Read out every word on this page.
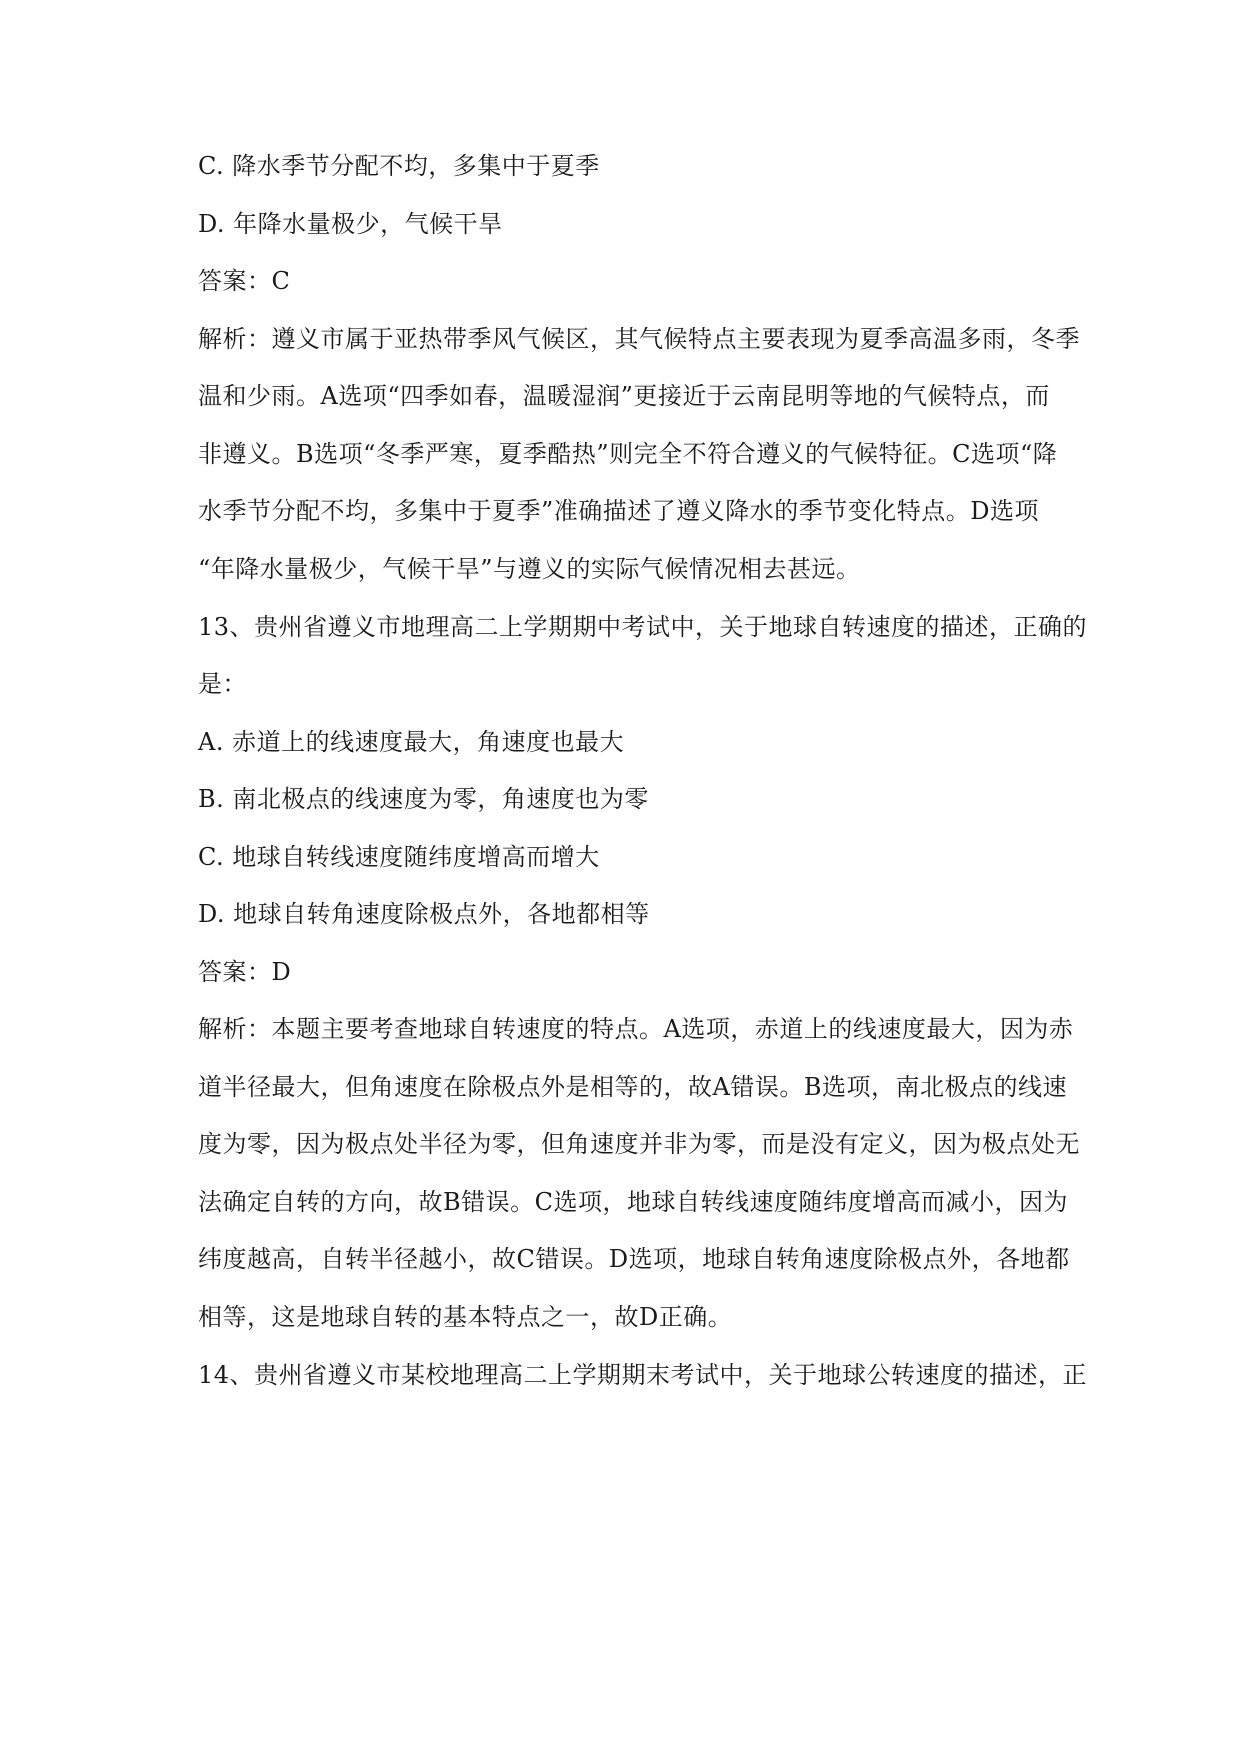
C. 降水季节分配不均，多集中于夏季
D. 年降水量极少，气候干旱
答案：C
解析：遵义市属于亚热带季风气候区，其气候特点主要表现为夏季高温多雨，冬季
温和少雨。A选项“四季如春，温暖湿润”更接近于云南昆明等地的气候特点，而
非遵义。B选项“冬季严寒，夏季酷热”则完全不符合遵义的气候特征。C选项“降
水季节分配不均，多集中于夏季”准确描述了遵义降水的季节变化特点。D选项
“年降水量极少，气候干旱”与遵义的实际气候情况相去甚远。
13、贵州省遵义市地理高二上学期期中考试中，关于地球自转速度的描述，正确的
是：
A. 赤道上的线速度最大，角速度也最大
B. 南北极点的线速度为零，角速度也为零
C. 地球自转线速度随纬度增高而增大
D. 地球自转角速度除极点外，各地都相等
答案：D
解析：本题主要考查地球自转速度的特点。A选项，赤道上的线速度最大，因为赤
道半径最大，但角速度在除极点外是相等的，故A错误。B选项，南北极点的线速
度为零，因为极点处半径为零，但角速度并非为零，而是没有定义，因为极点处无
法确定自转的方向，故B错误。C选项，地球自转线速度随纬度增高而减小，因为
纬度越高，自转半径越小，故C错误。D选项，地球自转角速度除极点外，各地都
相等，这是地球自转的基本特点之一，故D正确。
14、贵州省遵义市某校地理高二上学期期末考试中，关于地球公转速度的描述，正
